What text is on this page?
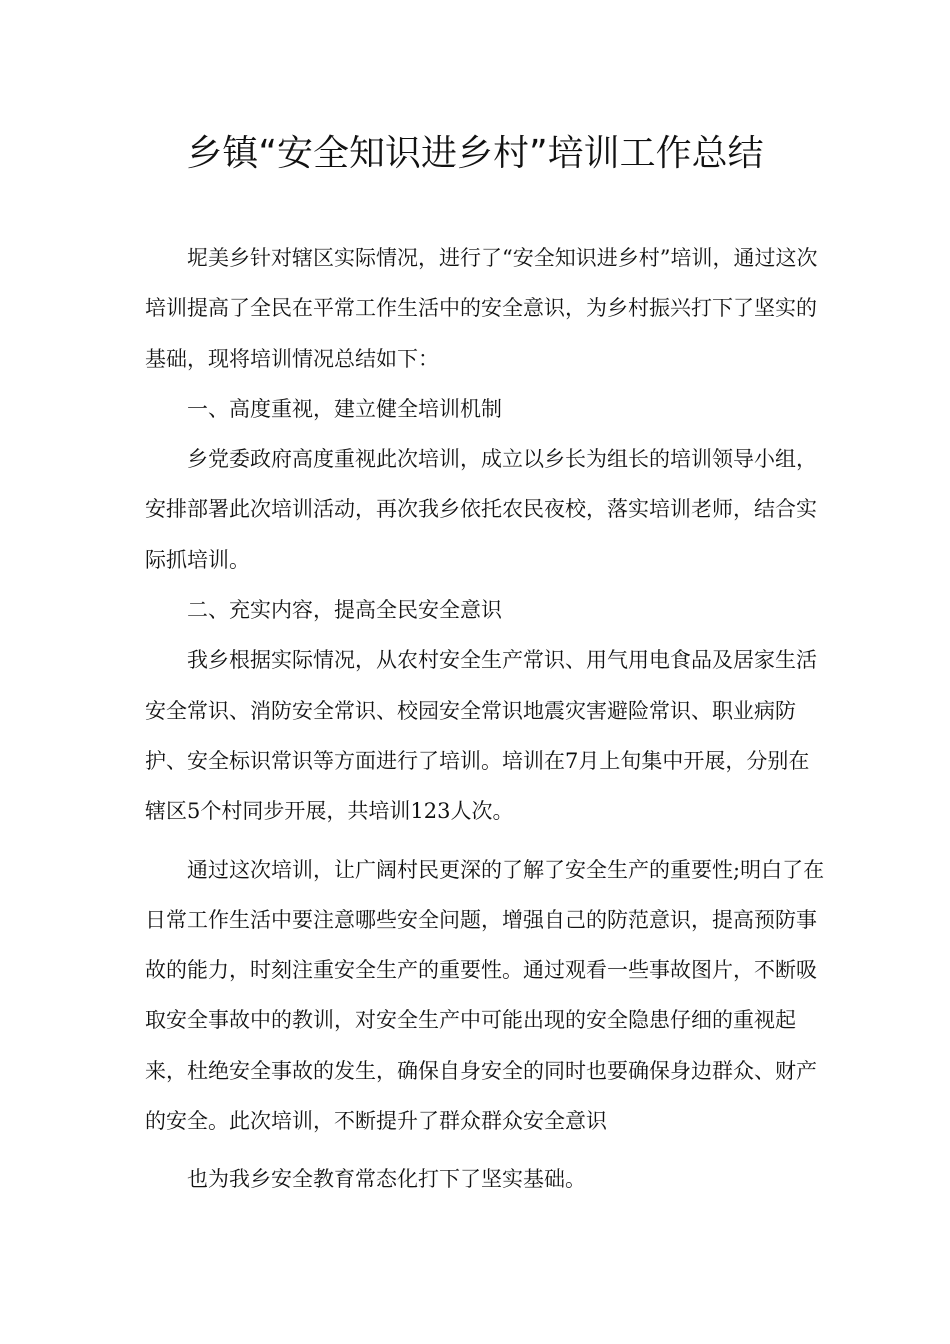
乡镇“安全知识进乡村”培训工作总结

坭美乡针对辖区实际情况，进行了“安全知识进乡村”培训，通过这次培训提高了全民在平常工作生活中的安全意识，为乡村振兴打下了坚实的基础，现将培训情况总结如下：

一、高度重视，建立健全培训机制

乡党委政府高度重视此次培训，成立以乡长为组长的培训领导小组，安排部署此次培训活动，再次我乡依托农民夜校，落实培训老师，结合实际抓培训。

二、充实内容，提高全民安全意识

我乡根据实际情况，从农村安全生产常识、用气用电食品及居家生活安全常识、消防安全常识、校园安全常识地震灾害避险常识、职业病防护、安全标识常识等方面进行了培训。培训在7月上旬集中开展，分别在辖区5个村同步开展，共培训123人次。

通过这次培训，让广阔村民更深的了解了安全生产的重要性;明白了在日常工作生活中要注意哪些安全问题，增强自己的防范意识，提高预防事故的能力，时刻注重安全生产的重要性。通过观看一些事故图片，不断吸取安全事故中的教训，对安全生产中可能出现的安全隐患仔细的重视起来，杜绝安全事故的发生，确保自身安全的同时也要确保身边群众、财产的安全。此次培训，不断提升了群众群众安全意识

也为我乡安全教育常态化打下了坚实基础。
